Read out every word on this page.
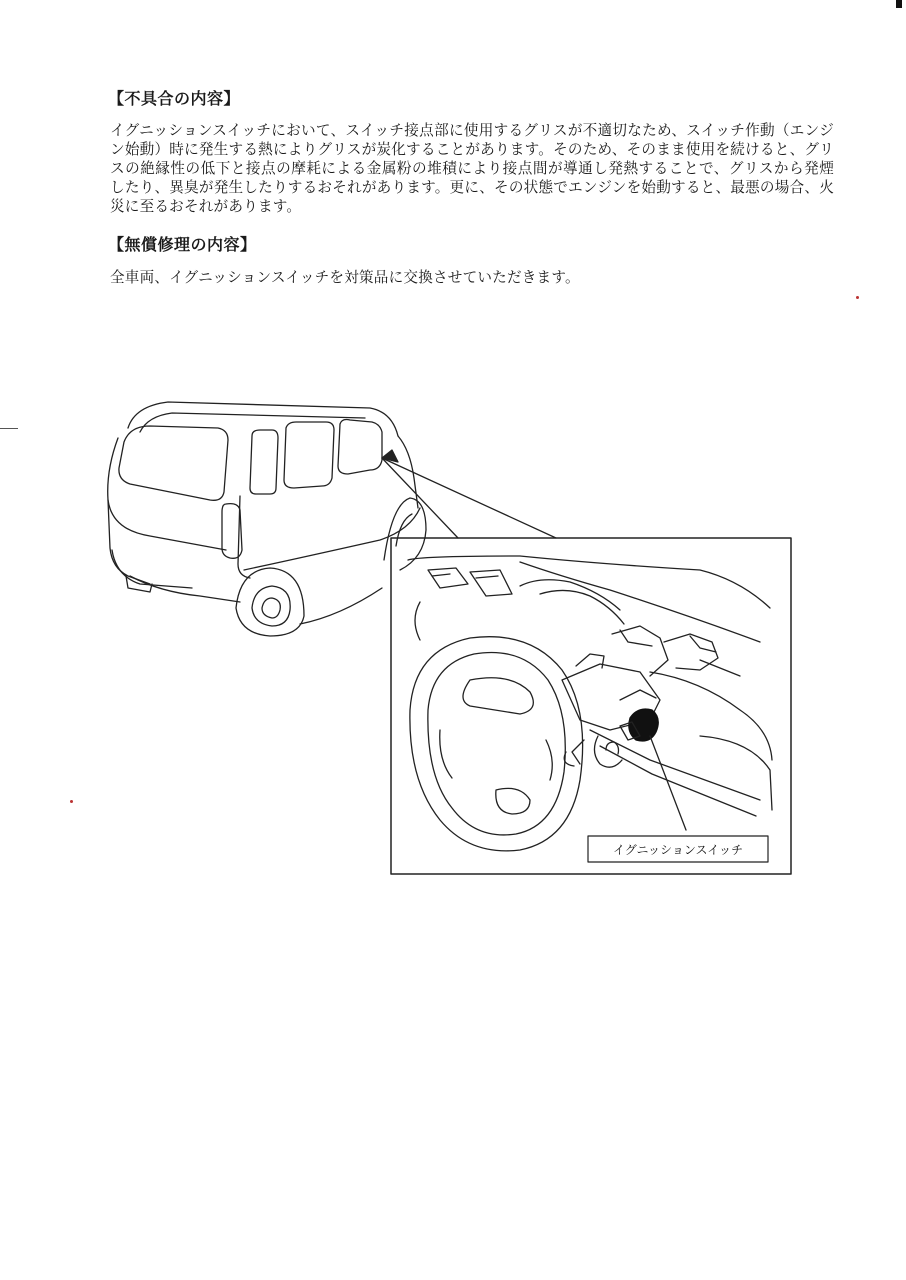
【不具合の内容】
イグニッションスイッチにおいて、スイッチ接点部に使用するグリスが不適切なため、スイッチ作動（エンジン始動）時に発生する熱によりグリスが炭化することがあります。そのため、そのまま使用を続けると、グリスの絶縁性の低下と接点の摩耗による金属粉の堆積により接点間が導通し発熱することで、グリスから発煙したり、異臭が発生したりするおそれがあります。更に、その状態でエンジンを始動すると、最悪の場合、火災に至るおそれがあります。
【無償修理の内容】
全車両、イグニッションスイッチを対策品に交換させていただきます。
イグニッションスイッチ
